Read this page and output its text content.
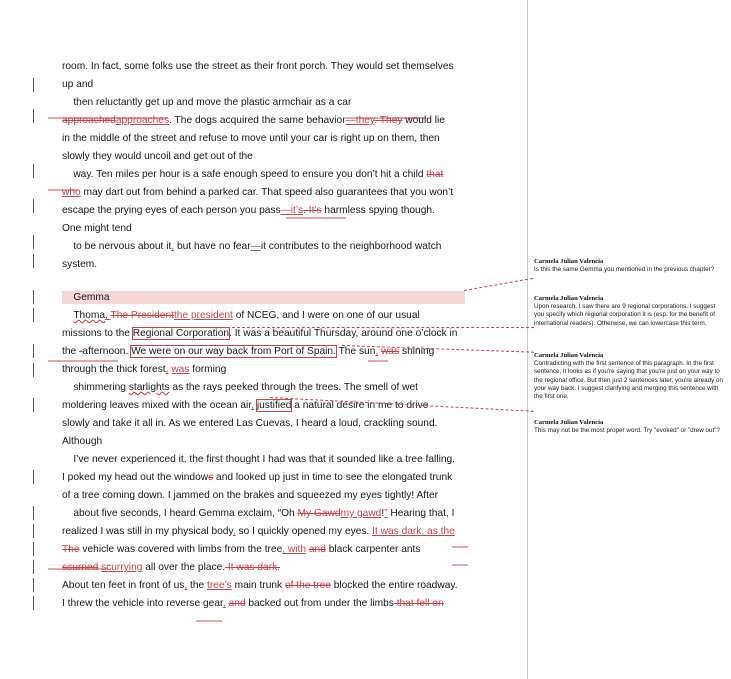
room. In fact, some folks use the street as their front porch. They would set themselves
up and
then reluctantly get up and move the plastic armchair as a car
approachedapproaches. The dogs acquired the same behavior—they. They would lie
in the middle of the street and refuse to move until your car is right up on them, then
slowly they would uncoil and get out of the
way. Ten miles per hour is a safe enough speed to ensure you don’t hit a child that
who may dart out from behind a parked car. That speed also guarantees that you won’t
escape the prying eyes of each person you pass—it’s. It’s harmless spying though.
One might tend
to be nervous about it, but have no fear—it contributes to the neighborhood watch
system.
Gemma
Thoma, The Presidentthe president of NCEG, and I were on one of our usual
missions to the Regional Corporation. It was a beautiful Thursday, around one o’clock in
the -afternoon. We were on our way back from Port of Spain. The sun, was shining
through the thick forest, was forming
shimmering starlights as the rays peeked through the trees. The smell of wet
moldering leaves mixed with the ocean air, justified a natural desire in me to drive
slowly and take it all in. As we entered Las Cuevas, I heard a loud, crackling sound.
Although
I’ve never experienced it, the first thought I had was that it sounded like a tree falling.
I poked my head out the windows and looked up just in time to see the elongated trunk
of a tree coming down. I jammed on the brakes and squeezed my eyes tightly! After
about five seconds, I heard Gemma exclaim, “Oh My Gawdmy gawd!” Hearing that, I
realized I was still in my physical body, so I quickly opened my eyes. It was dark, as the
The vehicle was covered with limbs from the tree, with and black carpenter ants
scurried scurrying all over the place. It was dark.
About ten feet in front of us, the tree’s main trunk of the tree blocked the entire roadway.
I threw the vehicle into reverse gear, and backed out from under the limbs that fell on
Carmela Julian Valencia
Is this the same Gemma you mentioned in the previous chapter?
Carmela Julian Valencia
Upon research, I saw there are 9 regional corporations. I suggest you specify which regional corporation it is (esp. for the benefit of international readers). Otherwise, we can lowercase this term.
Carmela Julian Valencia
Contradicting with the first sentence of this paragraph. In the first sentence, it looks as if you're saying that you're just on your way to the regional office. But then just 2 sentences later, you're already on your way back. I suggest clarifying and merging this sentence with the first one.
Carmela Julian Valencia
This may not be the most proper word. Try "evoked" or "drew out"?
